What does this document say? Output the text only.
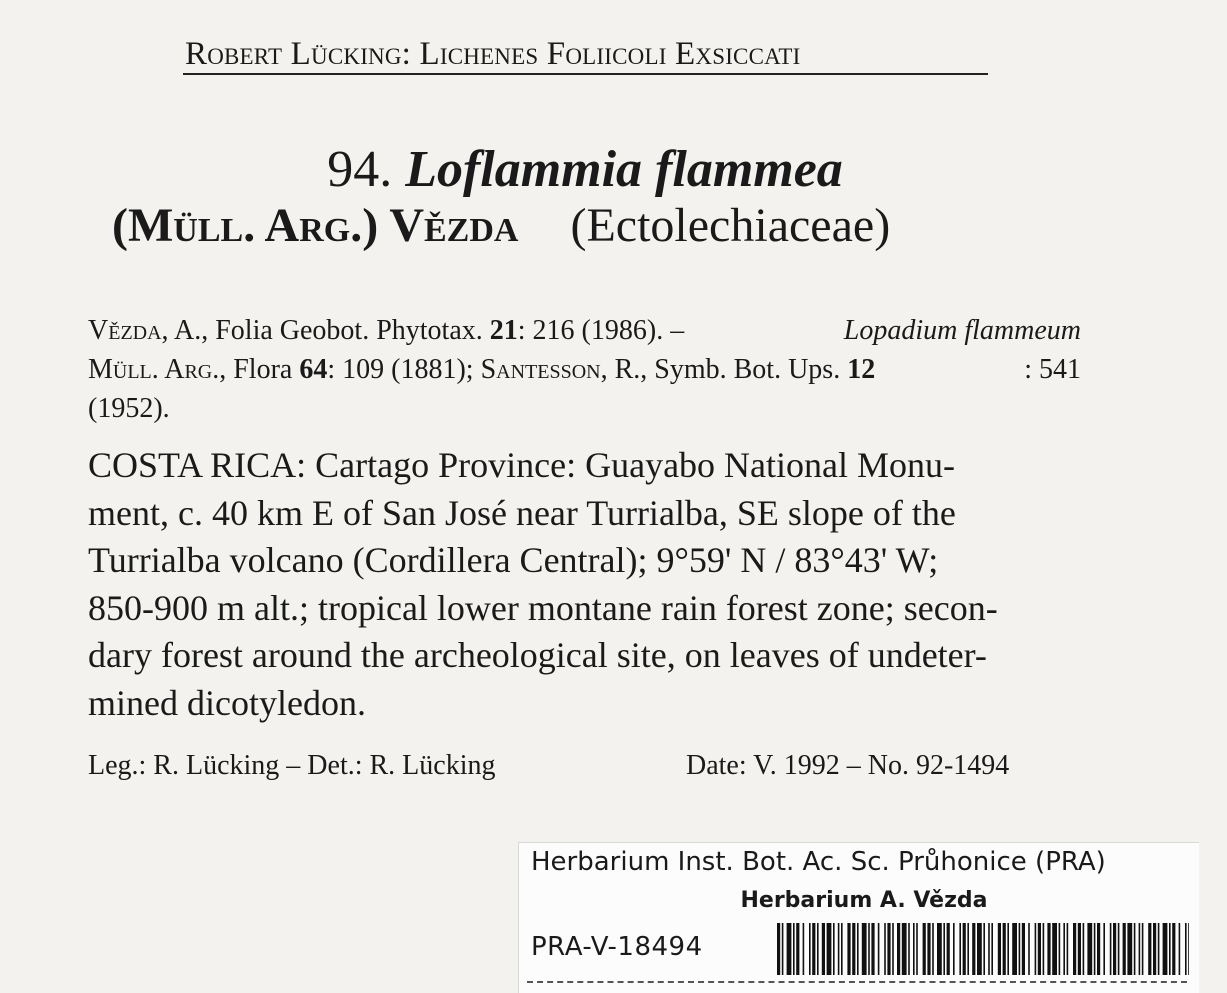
Robert Lücking: Lichenes Foliicoli Exsiccati
94. Loflammia flammea
(Müll. Arg.) Vězda (Ectolechiaceae)
Vězda, A., Folia Geobot. Phytotax. 21: 216 (1986). –	Lopadium flammeum
Müll. Arg., Flora 64: 109 (1881); Santesson, R., Symb. Bot. Ups. 12	: 541
(1952).
COSTA RICA: Cartago Province: Guayabo National Monu-
ment, c. 40 km E of San José near Turrialba, SE slope of the
Turrialba volcano (Cordillera Central); 9°59' N / 83°43' W;
850-900 m alt.; tropical lower montane rain forest zone; secon-
dary forest around the archeological site, on leaves of undeter-
mined dicotyledon.
Leg.: R. Lücking – Det.: R. Lücking	Date: V. 1992 – No. 92-1494
Herbarium Inst. Bot. Ac. Sc. Průhonice (PRA)
Herbarium A. Vězda
PRA-V-18494
